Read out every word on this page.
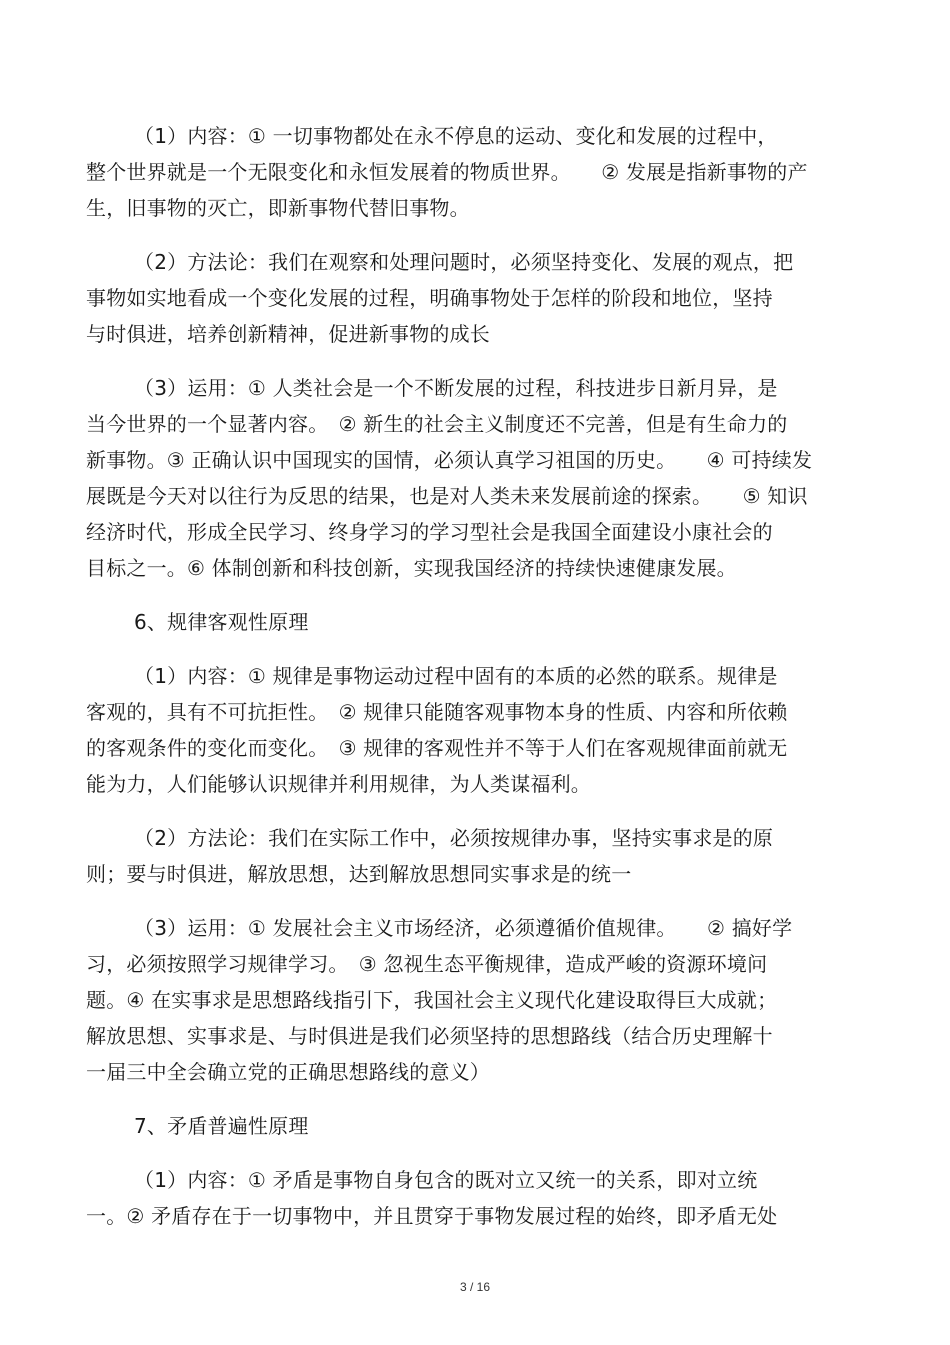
（1）内容：① 一切事物都处在永不停息的运动、变化和发展的过程中，
整个世界就是一个无限变化和永恒发展着的物质世界。　　② 发展是指新事物的产
生，旧事物的灭亡，即新事物代替旧事物。
（2）方法论：我们在观察和处理问题时，必须坚持变化、发展的观点，把
事物如实地看成一个变化发展的过程，明确事物处于怎样的阶段和地位，坚持
与时俱进，培养创新精神，促进新事物的成长
（3）运用：① 人类社会是一个不断发展的过程，科技进步日新月异，是
当今世界的一个显著内容。　② 新生的社会主义制度还不完善，但是有生命力的
新事物。③ 正确认识中国现实的国情，必须认真学习祖国的历史。　　④ 可持续发
展既是今天对以往行为反思的结果，也是对人类未来发展前途的探索。　　⑤ 知识
经济时代，形成全民学习、终身学习的学习型社会是我国全面建设小康社会的
目标之一。⑥ 体制创新和科技创新，实现我国经济的持续快速健康发展。
6、规律客观性原理
（1）内容：① 规律是事物运动过程中固有的本质的必然的联系。规律是
客观的，具有不可抗拒性。　② 规律只能随客观事物本身的性质、内容和所依赖
的客观条件的变化而变化。　③ 规律的客观性并不等于人们在客观规律面前就无
能为力，人们能够认识规律并利用规律，为人类谋福利。
（2）方法论：我们在实际工作中，必须按规律办事，坚持实事求是的原
则；要与时俱进，解放思想，达到解放思想同实事求是的统一
（3）运用：① 发展社会主义市场经济，必须遵循价值规律。　　② 搞好学
习，必须按照学习规律学习。　③ 忽视生态平衡规律，造成严峻的资源环境问
题。④ 在实事求是思想路线指引下，我国社会主义现代化建设取得巨大成就；
解放思想、实事求是、与时俱进是我们必须坚持的思想路线（结合历史理解十
一届三中全会确立党的正确思想路线的意义）
7、矛盾普遍性原理
（1）内容：① 矛盾是事物自身包含的既对立又统一的关系，即对立统
一。② 矛盾存在于一切事物中，并且贯穿于事物发展过程的始终，即矛盾无处
3 / 16
